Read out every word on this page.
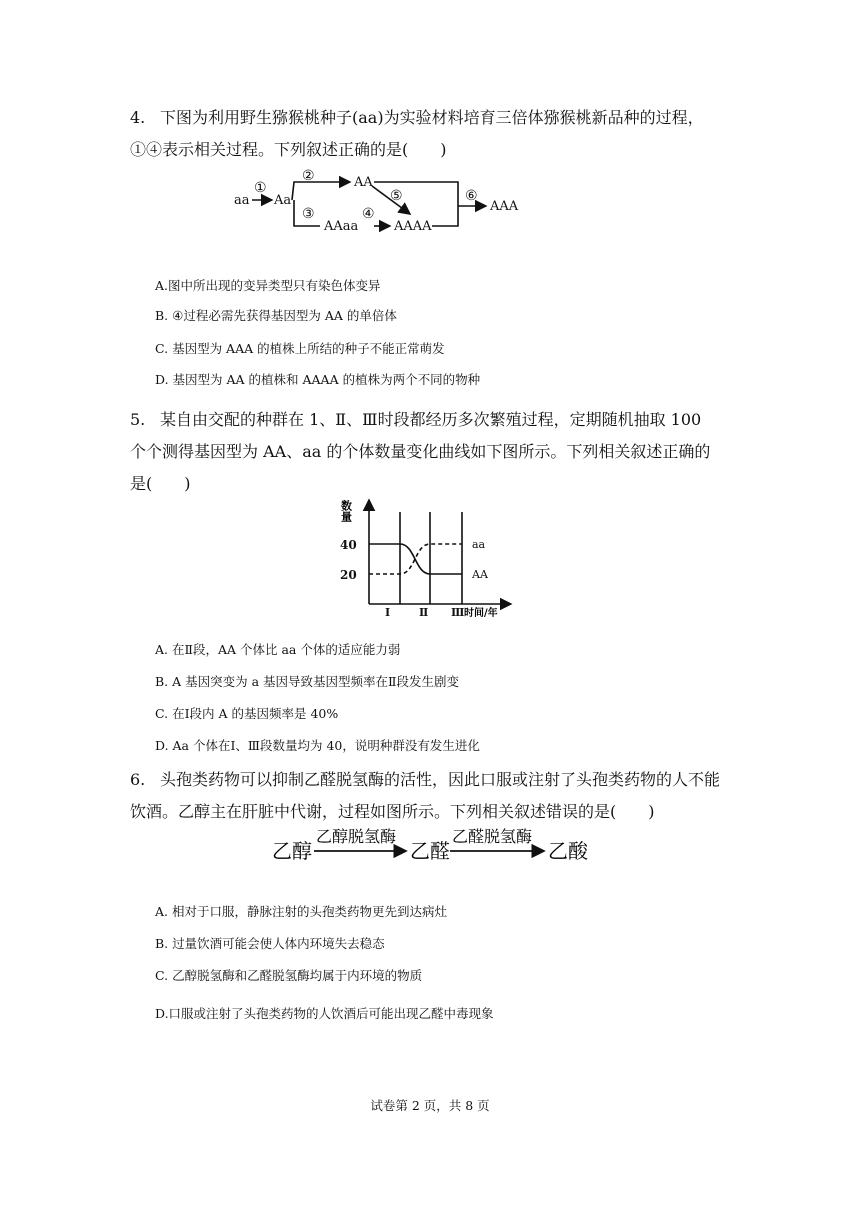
4. 下图为利用野生猕猴桃种子(aa)为实验材料培育三倍体猕猴桃新品种的过程，①④表示相关过程。下列叙述正确的是(　　)
aa
①
Aa
②	AA
⑤
③
AAaa
④
AAAA
⑥
AAA
A.图中所出现的变异类型只有染色体变异
B. ④过程必需先获得基因型为 AA 的单倍体
C. 基因型为 AAA 的植株上所结的种子不能正常萌发
D. 基因型为 AA 的植株和 AAAA 的植株为两个不同的物种
5. 某自由交配的种群在 1、Ⅱ、Ⅲ时段都经历多次繁殖过程，定期随机抽取 100 个个测得基因型为 AA、aa 的个体数量变化曲线如下图所示。下列相关叙述正确的是(　　)
数量
时间/年
20
40
Ⅰ	Ⅱ Ⅲ
aa
AA
A. 在Ⅱ段，AA 个体比 aa 个体的适应能力弱
B. A 基因突变为 a 基因导致基因型频率在Ⅱ段发生剧变
C. 在Ⅰ段内 A 的基因频率是 40%
D. Aa 个体在Ⅰ、Ⅲ段数量均为 40，说明种群没有发生进化
6. 头孢类药物可以抑制乙醛脱氢酶的活性，因此口服或注射了头孢类药物的人不能饮酒。乙醇主在肝脏中代谢，过程如图所示。下列相关叙述错误的是(　　)
乙醇
乙醇脱氢酶
乙醛
乙醛脱氢酶
乙酸
A. 相对于口服，静脉注射的头孢类药物更先到达病灶
B. 过量饮酒可能会使人体内环境失去稳态
C. 乙醇脱氢酶和乙醛脱氢酶均属于内环境的物质
D.口服或注射了头孢类药物的人饮酒后可能出现乙醛中毒现象
试卷第 2 页，共 8 页
